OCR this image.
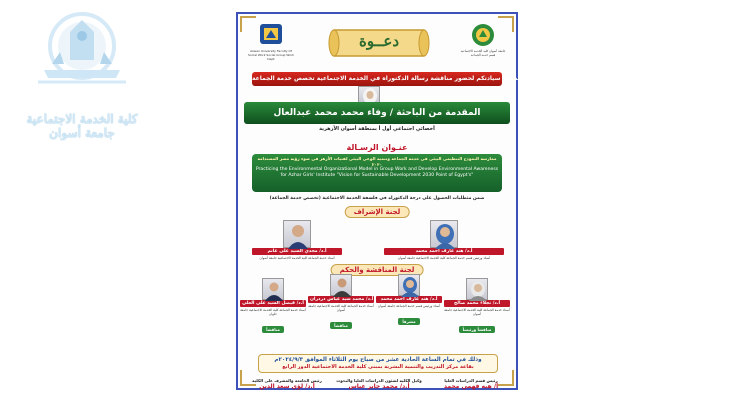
كلية الخدمة الاجتماعية
جامعة أسوان
Aswan University Faculty Of Social Work Social Group Work Dept
جامعة أسوان كلية الخدمة الاجتماعية قسم خدمة الجماعة
دعــوة
يتشرف مجلس القسم بدعوة سيادتكم لحضور مناقشة رسالة الدكتوراه في الخدمة الاجتماعية تخصص خدمة الجماعة
المقدمة من الباحثة / وفاء محمد محمد عبدالعال
أخصائي اجتماعي أول أ بمنطقة أسوان الأزهرية
عنـوان الرسـالة
ممارسة النموذج التنظيمي البيئي في خدمة الجماعة وتنمية الوعي البيئي لفتيات الأزهر في ضوء رؤية مصر المستدامة ٢٠٣٠
Practicing the Environmental Organizational Model in Group Work and Develop Environmental Awareness for Azhar Girls' Institute "Vision for Sustainable Development 2030 Point of Egypt's"
ضمن متطلبات الحصول على درجة الدكتوراه في فلسفة الخدمة الاجتماعية (تخصص خدمة الجماعة)
لجنة الإشراف
أ.د/ مجدي السيد على غانم
أستاذ خدمة الجماعة كلية الخدمة الاجتماعية جامعة أسوان
أ.د/ هند عارف أحمد محمد
أستاذ ورئيس قسم خدمة الجماعة كلية الخدمة الاجتماعية جامعة أسوان
لجنة المناقشة والحكم
أ.د/ فيصل السيد على العلي
أستاذ خدمة الجماعة كلية الخدمة الاجتماعية جامعة حلوان
مناقشاً
أ.د/ محمد سيد عباس دردران
أستاذ خدمة الجماعة كلية الخدمة الاجتماعية جامعة أسوان
مناقشاً
أ.د/ هند عارف أحمد محمد
أستاذ ورئيس قسم خدمة الجماعة جامعة أسوان
مشرفاً
أ.د/ نجلاء محمد صالح
أستاذ خدمة الجماعة كلية الخدمة الاجتماعية جامعة أسوان
مناقشاً ورئيساً
وذلك في تمام الساعة الحادية عشر من صباح يوم الثلاثاء الموافق ٢٠٢٤/٩/٣م
بقاعة مركز التدريب والتنمية البشرية بمبنى كلية الخدمة الاجتماعية الدور الرابع
رئيس الجامعة والمشرف على الكلية
أ.د/ لؤي سعد الدين
وكيل الكلية لشئون الدراسات العليا والبحوث
أ.د/ محمد جابر عباس
رئيس قسم الدراسات العليا
أ/ هبه فهمي محمد
